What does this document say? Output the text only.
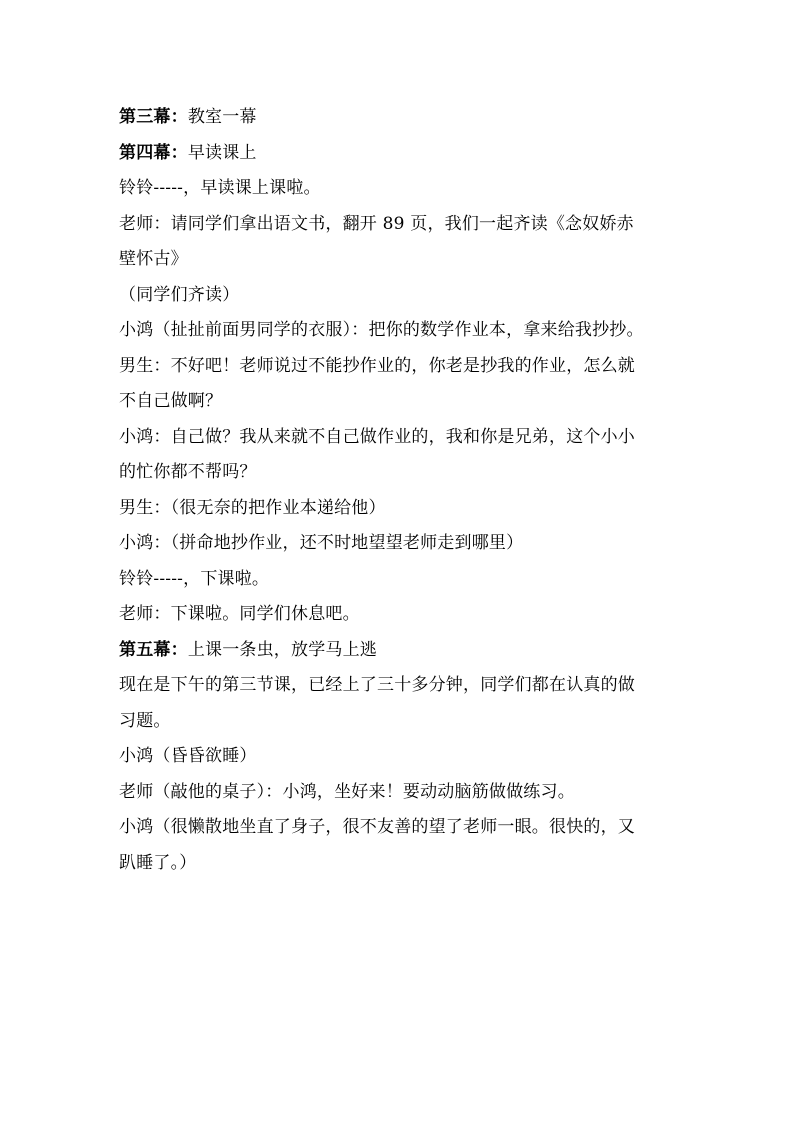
第三幕：教室一幕
第四幕：早读课上
铃铃-----，早读课上课啦。
老师：请同学们拿出语文书，翻开 89 页，我们一起齐读《念奴娇赤
壁怀古》
（同学们齐读）
小鸿（扯扯前面男同学的衣服）：把你的数学作业本，拿来给我抄抄。
男生：不好吧！老师说过不能抄作业的，你老是抄我的作业，怎么就
不自己做啊？
小鸿：自己做？我从来就不自己做作业的，我和你是兄弟，这个小小
的忙你都不帮吗？
男生：（很无奈的把作业本递给他）
小鸿：（拼命地抄作业，还不时地望望老师走到哪里）
铃铃-----，下课啦。
老师：下课啦。同学们休息吧。
第五幕：上课一条虫，放学马上逃
现在是下午的第三节课，已经上了三十多分钟，同学们都在认真的做
习题。
小鸿（昏昏欲睡）
老师（敲他的桌子）：小鸿，坐好来！要动动脑筋做做练习。
小鸿（很懒散地坐直了身子，很不友善的望了老师一眼。很快的，又
趴睡了。）
